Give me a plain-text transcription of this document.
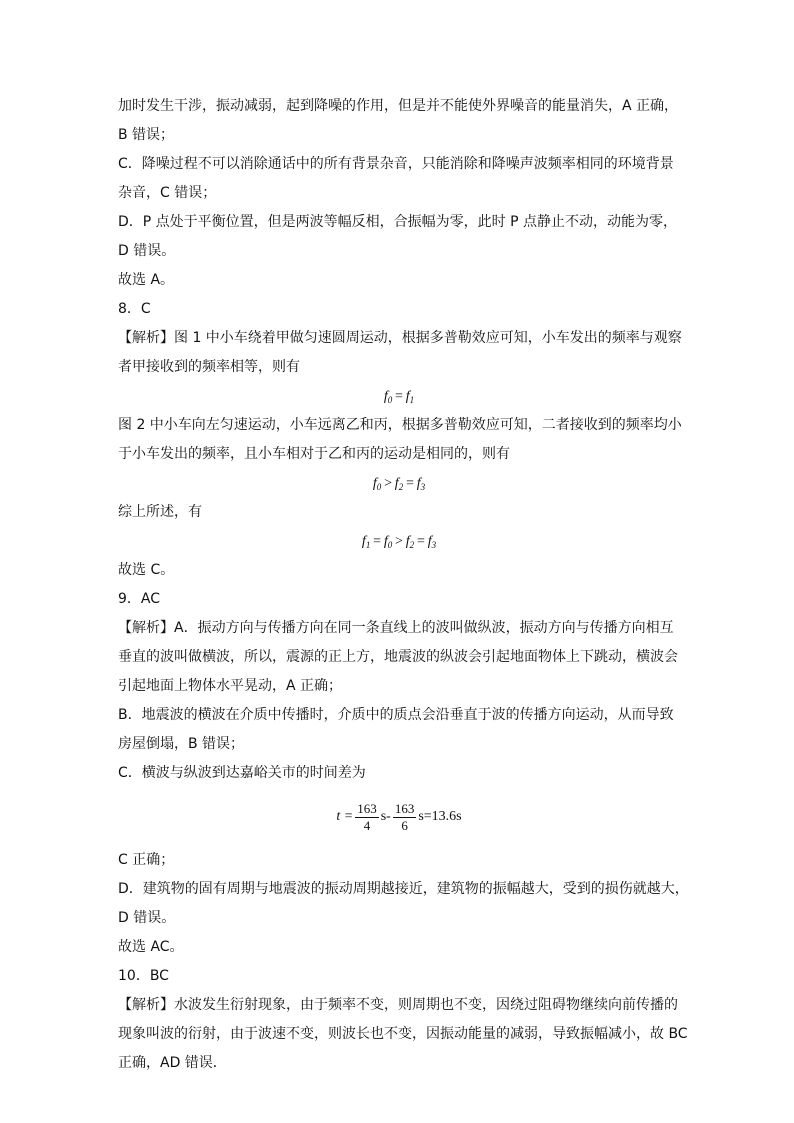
加时发生干涉，振动减弱，起到降噪的作用，但是并不能使外界噪音的能量消失，A 正确，
B 错误；
C．降噪过程不可以消除通话中的所有背景杂音，只能消除和降噪声波频率相同的环境背景
杂音，C 错误；
D．P 点处于平衡位置，但是两波等幅反相，合振幅为零，此时 P 点静止不动，动能为零，
D 错误。
故选 A。
8．C
【解析】图 1 中小车绕着甲做匀速圆周运动，根据多普勒效应可知，小车发出的频率与观察
者甲接收到的频率相等，则有
$f_0 = f_1$
图 2 中小车向左匀速运动，小车远离乙和丙，根据多普勒效应可知，二者接收到的频率均小
于小车发出的频率，且小车相对于乙和丙的运动是相同的，则有
$f_0 > f_2 = f_3$
综上所述，有
$f_1 = f_0 > f_2 = f_3$
故选 C。
9．AC
【解析】A．振动方向与传播方向在同一条直线上的波叫做纵波，振动方向与传播方向相互
垂直的波叫做横波，所以，震源的正上方，地震波的纵波会引起地面物体上下跳动，横波会
引起地面上物体水平晃动，A 正确；
B．地震波的横波在介质中传播时，介质中的质点会沿垂直于波的传播方向运动，从而导致
房屋倒塌，B 错误；
C．横波与纵波到达嘉峪关市的时间差为
$t = \frac{163}{4} s- \frac{163}{6} s=13.6s$
C 正确；
D．建筑物的固有周期与地震波的振动周期越接近，建筑物的振幅越大，受到的损伤就越大，
D 错误。
故选 AC。
10．BC
【解析】水波发生衍射现象，由于频率不变，则周期也不变，因绕过阻碍物继续向前传播的
现象叫波的衍射，由于波速不变，则波长也不变，因振动能量的减弱，导致振幅减小，故 BC
正确，AD 错误．
